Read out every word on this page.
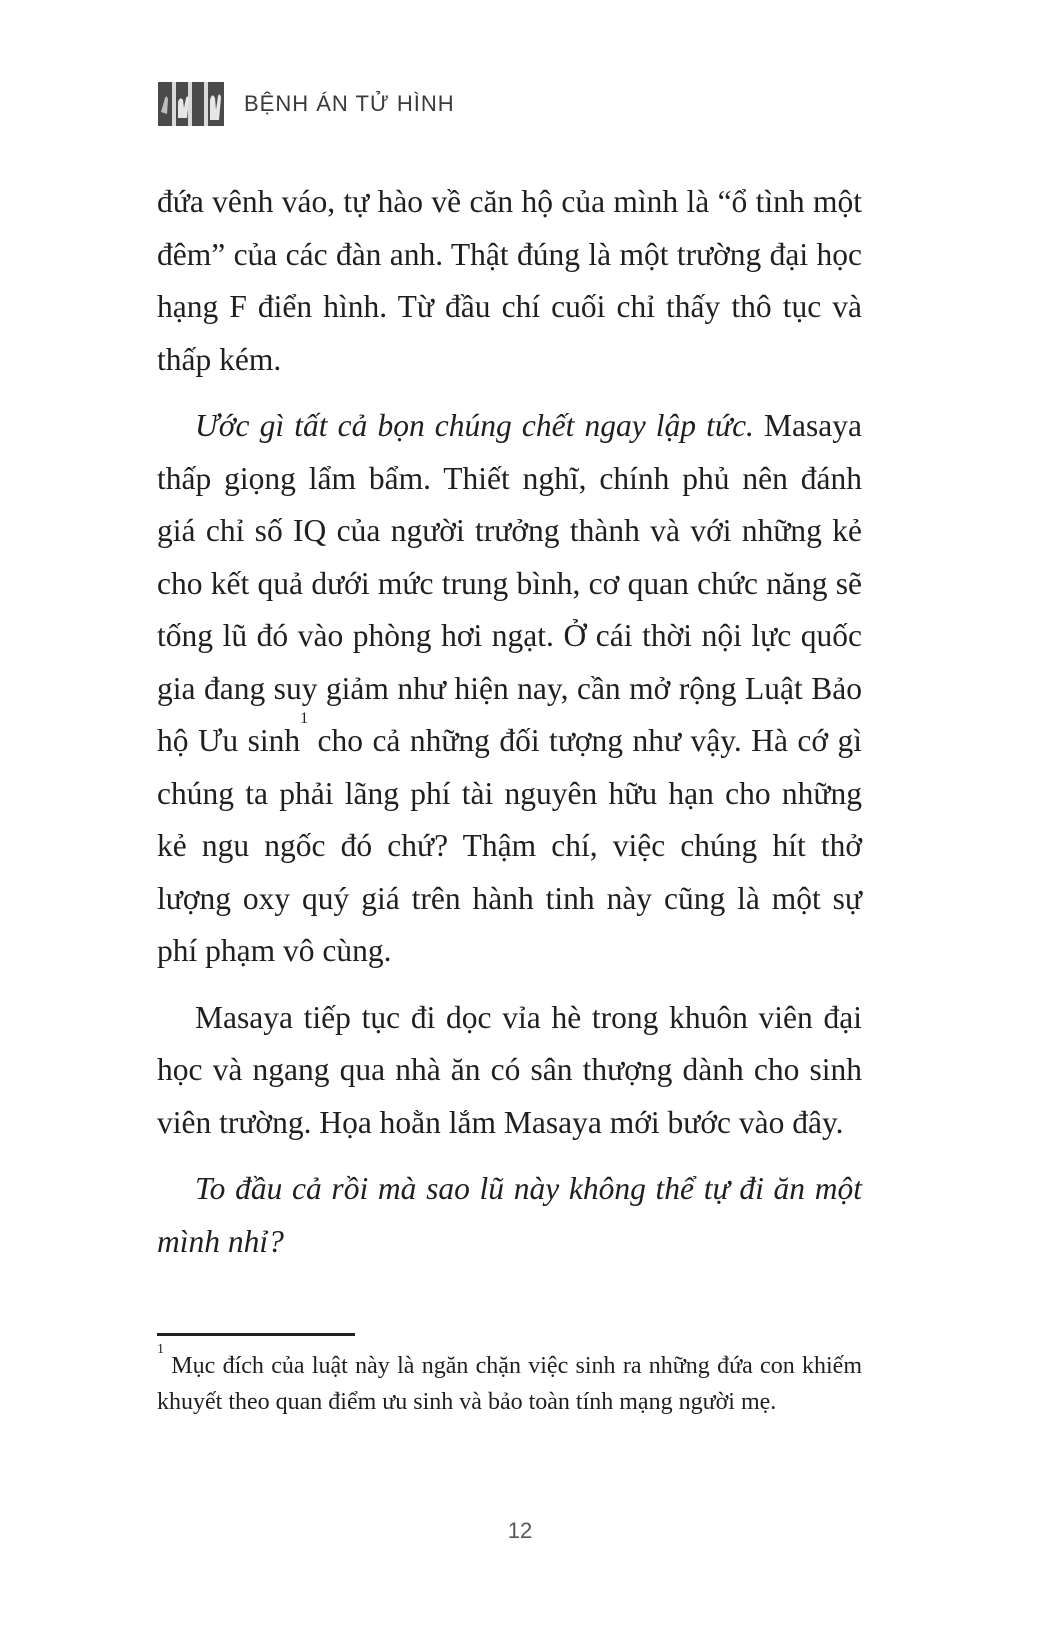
BỆNH ÁN TỬ HÌNH

đứa vênh váo, tự hào về căn hộ của mình là “ổ tình một đêm” của các đàn anh. Thật đúng là một trường đại học hạng F điển hình. Từ đầu chí cuối chỉ thấy thô tục và thấp kém.

Ước gì tất cả bọn chúng chết ngay lập tức. Masaya thấp giọng lẩm bẩm. Thiết nghĩ, chính phủ nên đánh giá chỉ số IQ của người trưởng thành và với những kẻ cho kết quả dưới mức trung bình, cơ quan chức năng sẽ tống lũ đó vào phòng hơi ngạt. Ở cái thời nội lực quốc gia đang suy giảm như hiện nay, cần mở rộng Luật Bảo hộ Ưu $\sinh^1$ cho cả những đối tượng như vậy. Hà cớ gì chúng ta phải lãng phí tài nguyên hữu hạn cho những kẻ ngu ngốc đó chứ? Thậm chí, việc chúng hít thở lượng oxy quý giá trên hành tinh này cũng là một sự phí phạm vô cùng.

Masaya tiếp tục đi dọc vỉa hè trong khuôn viên đại học và ngang qua nhà ăn có sân thượng dành cho sinh viên trường. Họa hoằn lắm Masaya mới bước vào đây.

To đầu cả rồi mà sao lũ này không thể tự đi ăn một mình nhỉ?

$^1$ Mục đích của luật này là ngăn chặn việc sinh ra những đứa con khiếm khuyết theo quan điểm ưu sinh và bảo toàn tính mạng người mẹ.

12
